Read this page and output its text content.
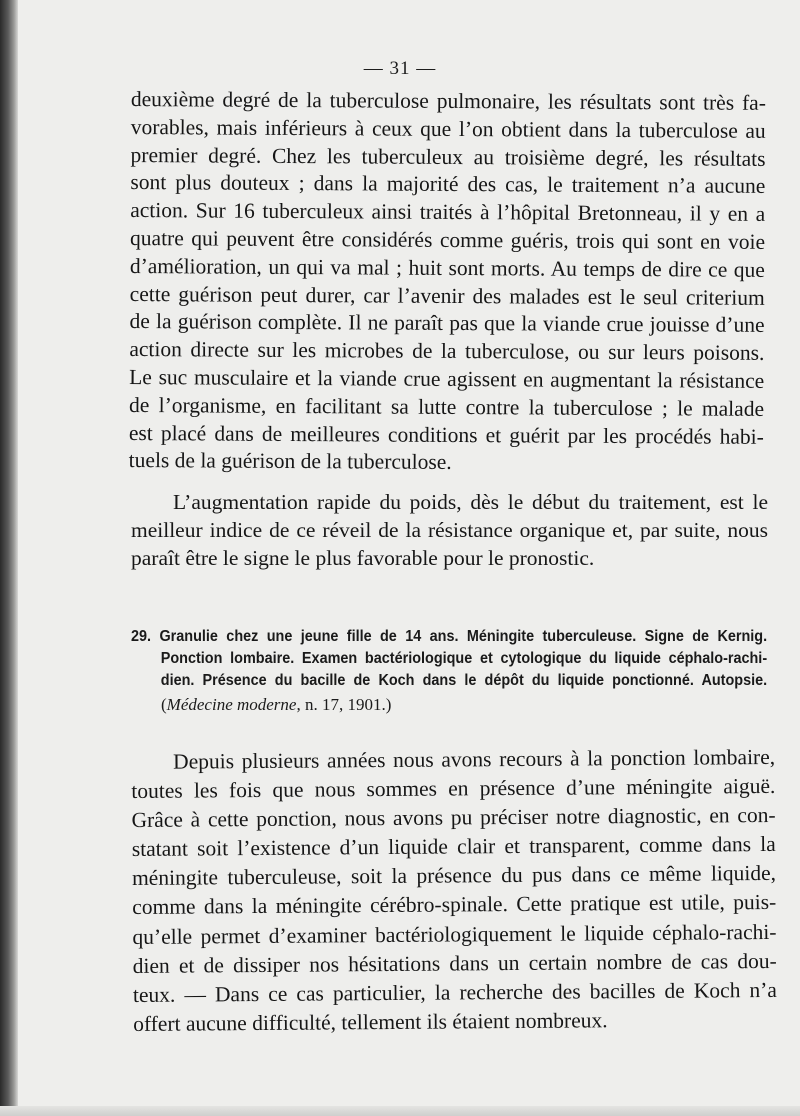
— 31 —
deuxième degré de la tuberculose pulmonaire, les résultats sont très fa-
vorables, mais inférieurs à ceux que l’on obtient dans la tuberculose au
premier degré. Chez les tuberculeux au troisième degré, les résultats
sont plus douteux ; dans la majorité des cas, le traitement n’a aucune
action. Sur 16 tuberculeux ainsi traités à l’hôpital Bretonneau, il y en a
quatre qui peuvent être considérés comme guéris, trois qui sont en voie
d’amélioration, un qui va mal ; huit sont morts. Au temps de dire ce que
cette guérison peut durer, car l’avenir des malades est le seul criterium
de la guérison complète. Il ne paraît pas que la viande crue jouisse d’une
action directe sur les microbes de la tuberculose, ou sur leurs poisons.
Le suc musculaire et la viande crue agissent en augmentant la résistance
de l’organisme, en facilitant sa lutte contre la tuberculose ; le malade
est placé dans de meilleures conditions et guérit par les procédés habi-
tuels de la guérison de la tuberculose.
L’augmentation rapide du poids, dès le début du traitement, est le
meilleur indice de ce réveil de la résistance organique et, par suite, nous
paraît être le signe le plus favorable pour le pronostic.
29. Granulie chez une jeune fille de 14 ans. Méningite tuberculeuse. Signe de Kernig.
Ponction lombaire. Examen bactériologique et cytologique du liquide céphalo-rachi-
dien. Présence du bacille de Koch dans le dépôt du liquide ponctionné. Autopsie.
(Médecine moderne, n. 17, 1901.)
Depuis plusieurs années nous avons recours à la ponction lombaire,
toutes les fois que nous sommes en présence d’une méningite aiguë.
Grâce à cette ponction, nous avons pu préciser notre diagnostic, en con-
statant soit l’existence d’un liquide clair et transparent, comme dans la
méningite tuberculeuse, soit la présence du pus dans ce même liquide,
comme dans la méningite cérébro-spinale. Cette pratique est utile, puis-
qu’elle permet d’examiner bactériologiquement le liquide céphalo-rachi-
dien et de dissiper nos hésitations dans un certain nombre de cas dou-
teux. — Dans ce cas particulier, la recherche des bacilles de Koch n’a
offert aucune difficulté, tellement ils étaient nombreux.
